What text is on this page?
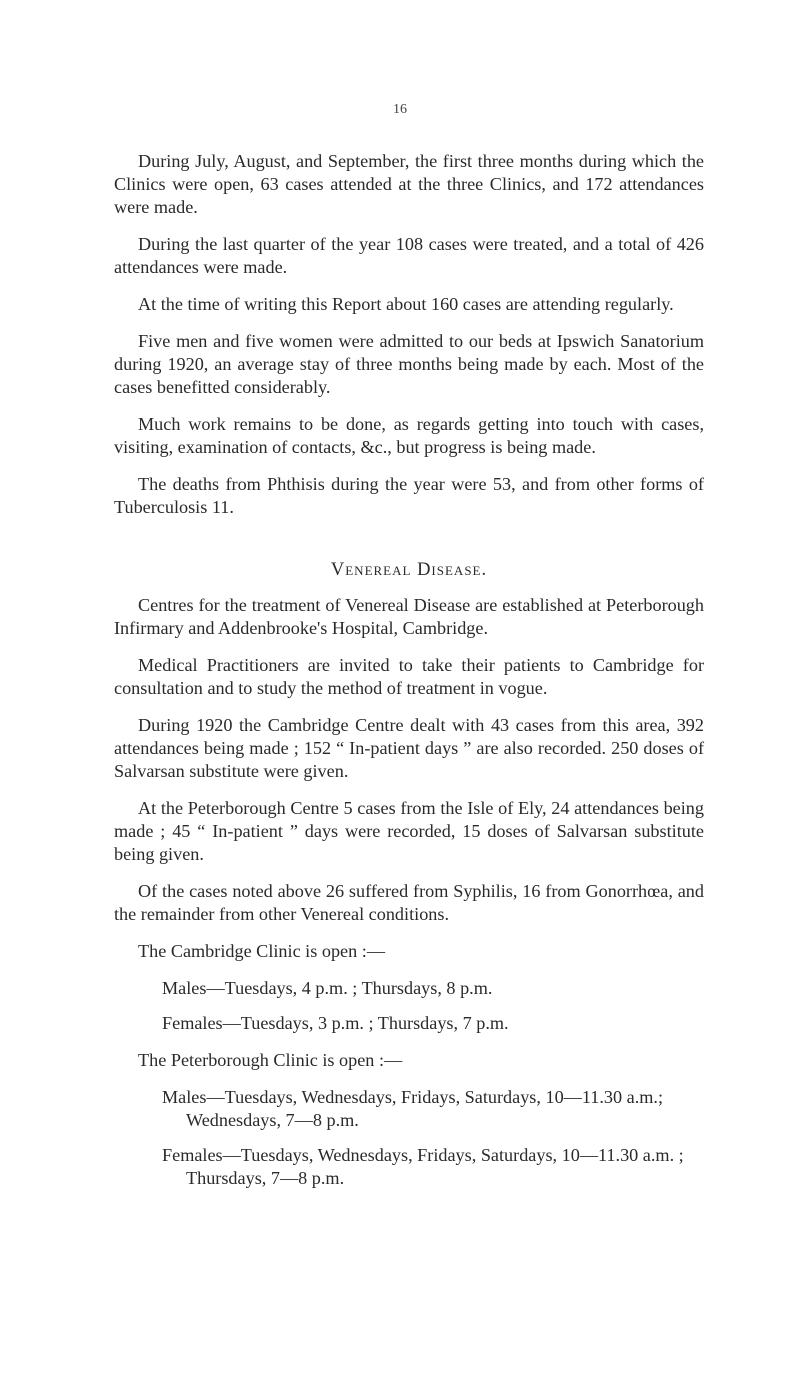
16

During July, August, and September, the first three months during which the Clinics were open, 63 cases attended at the three Clinics, and 172 attendances were made.

During the last quarter of the year 108 cases were treated, and a total of 426 attendances were made.

At the time of writing this Report about 160 cases are attending regularly.

Five men and five women were admitted to our beds at Ipswich Sanatorium during 1920, an average stay of three months being made by each. Most of the cases benefitted considerably.

Much work remains to be done, as regards getting into touch with cases, visiting, examination of contacts, &c., but progress is being made.

The deaths from Phthisis during the year were 53, and from other forms of Tuberculosis 11.

Venereal Disease.

Centres for the treatment of Venereal Disease are established at Peterborough Infirmary and Addenbrooke's Hospital, Cambridge.

Medical Practitioners are invited to take their patients to Cambridge for consultation and to study the method of treatment in vogue.

During 1920 the Cambridge Centre dealt with 43 cases from this area, 392 attendances being made ; 152 “ In-patient days ” are also recorded. 250 doses of Salvarsan substitute were given.

At the Peterborough Centre 5 cases from the Isle of Ely, 24 attendances being made ; 45 “ In-patient ” days were recorded, 15 doses of Salvarsan substitute being given.

Of the cases noted above 26 suffered from Syphilis, 16 from Gonorrhœa, and the remainder from other Venereal conditions.

The Cambridge Clinic is open :—

Males—Tuesdays, 4 p.m. ; Thursdays, 8 p.m.
Females—Tuesdays, 3 p.m. ; Thursdays, 7 p.m.

The Peterborough Clinic is open :—

Males—Tuesdays, Wednesdays, Fridays, Saturdays, 10—11.30 a.m.; Wednesdays, 7—8 p.m.
Females—Tuesdays, Wednesdays, Fridays, Saturdays, 10—11.30 a.m. ; Thursdays, 7—8 p.m.
